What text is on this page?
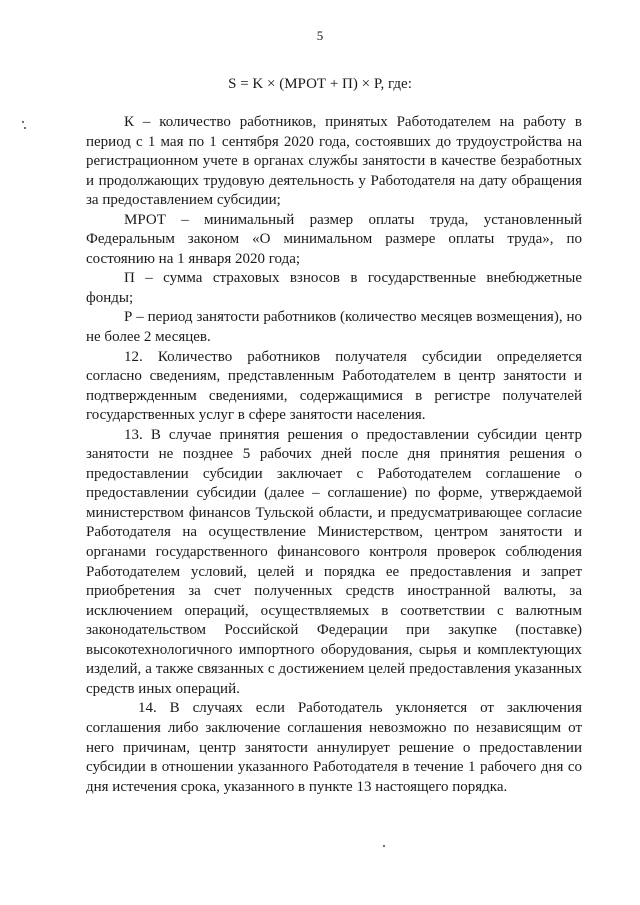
5
S = K × (МРОТ + П) × P, где:

К – количество работников, принятых Работодателем на работу в период с 1 мая по 1 сентября 2020 года, состоявших до трудоустройства на регистрационном учете в органах службы занятости в качестве безработных и продолжающих трудовую деятельность у Работодателя на дату обращения за предоставлением субсидии;

МРОТ – минимальный размер оплаты труда, установленный Федеральным законом «О минимальном размере оплаты труда», по состоянию на 1 января 2020 года;

П – сумма страховых взносов в государственные внебюджетные фонды;

Р – период занятости работников (количество месяцев возмещения), но не более 2 месяцев.

12. Количество работников получателя субсидии определяется согласно сведениям, представленным Работодателем в центр занятости и подтвержденным сведениями, содержащимися в регистре получателей государственных услуг в сфере занятости населения.

13. В случае принятия решения о предоставлении субсидии центр занятости не позднее 5 рабочих дней после дня принятия решения о предоставлении субсидии заключает с Работодателем соглашение о предоставлении субсидии (далее – соглашение) по форме, утверждаемой министерством финансов Тульской области, и предусматривающее согласие Работодателя на осуществление Министерством, центром занятости и органами государственного финансового контроля проверок соблюдения Работодателем условий, целей и порядка ее предоставления и запрет приобретения за счет полученных средств иностранной валюты, за исключением операций, осуществляемых в соответствии с валютным законодательством Российской Федерации при закупке (поставке) высокотехнологичного импортного оборудования, сырья и комплектующих изделий, а также связанных с достижением целей предоставления указанных средств иных операций.

14. В случаях если Работодатель уклоняется от заключения соглашения либо заключение соглашения невозможно по независящим от него причинам, центр занятости аннулирует решение о предоставлении субсидии в отношении указанного Работодателя в течение 1 рабочего дня со дня истечения срока, указанного в пункте 13 настоящего порядка.
